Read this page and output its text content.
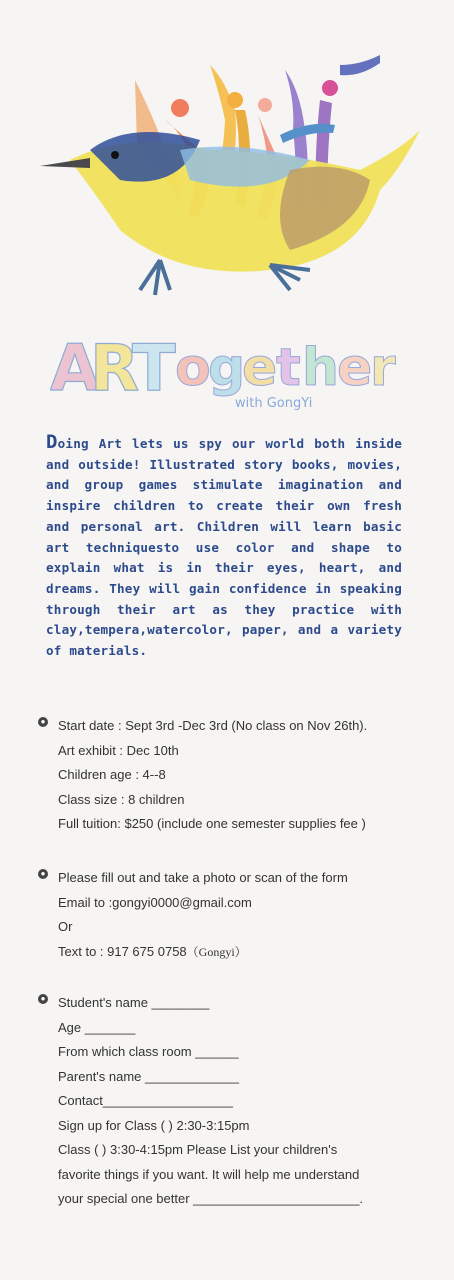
A
R
T o
g
e
t h
e
r
with GongYi
Doing Art lets us spy our world both inside and outside! Illustrated story books, movies, and group games stimulate imagination and inspire children to create their own fresh and personal art. Children will learn basic art techniquesto use color and shape to explain what is in their eyes, heart, and dreams. They will gain confidence in speaking through their art as they practice with clay,tempera,watercolor, paper, and a variety of materials.
● Start date : Sept 3rd -Dec 3rd (No class on Nov 26th).
Art exhibit : Dec 10th
Children age : 4--8
Class size : 8 children
Full tuition: $250 (include one semester supplies fee )
● Please fill out and take a photo or scan of the form
Email to :gongyi0000@gmail.com
Or
Text to : 917 675 0758（Gongyi）
● Student's name ________
Age _______
From which class room ______
Parent's name _____________
Contact__________________
Sign up for Class ( ) 2:30-3:15pm
Class ( ) 3:30-4:15pm Please List your children's
favorite things if you want. It will help me understand
your special one better _______________________.
